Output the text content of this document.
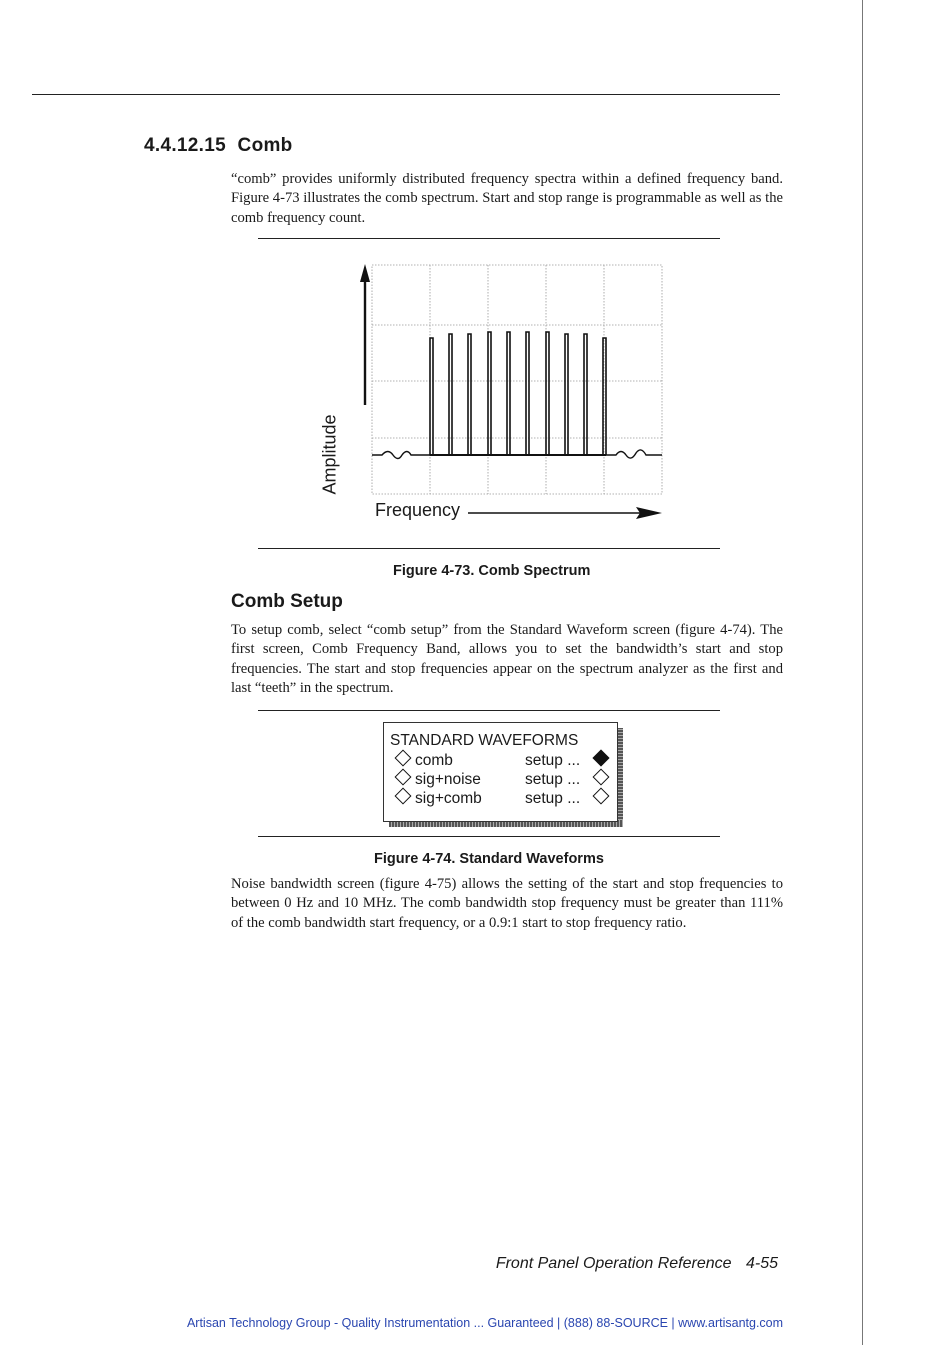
4.4.12.15 Comb

“comb” provides uniformly distributed frequency spectra within a defined frequency band. Figure 4-73 illustrates the comb spectrum. Start and stop range is programmable as well as the comb frequency count.

Amplitude
Frequency
Figure 4-73. Comb Spectrum
Comb Setup

To setup comb, select “comb setup” from the Standard Waveform screen (figure 4-74). The first screen, Comb Frequency Band, allows you to set the bandwidth’s start and stop frequencies. The start and stop frequencies appear on the spectrum analyzer as the first and last “teeth” in the spectrum.

STANDARD WAVEFORMS
comb	setup ...
sig+noise	setup ...
sig+comb	setup ...
Figure 4-74. Standard Waveforms

Noise bandwidth screen (figure 4-75) allows the setting of the start and stop frequencies to between 0 Hz and 10 MHz. The comb bandwidth stop frequency must be greater than 111% of the comb bandwidth start frequency, or a 0.9:1 start to stop frequency ratio.

Front Panel Operation Reference 4-55
Artisan Technology Group - Quality Instrumentation ... Guaranteed | (888) 88-SOURCE | www.artisantg.com
